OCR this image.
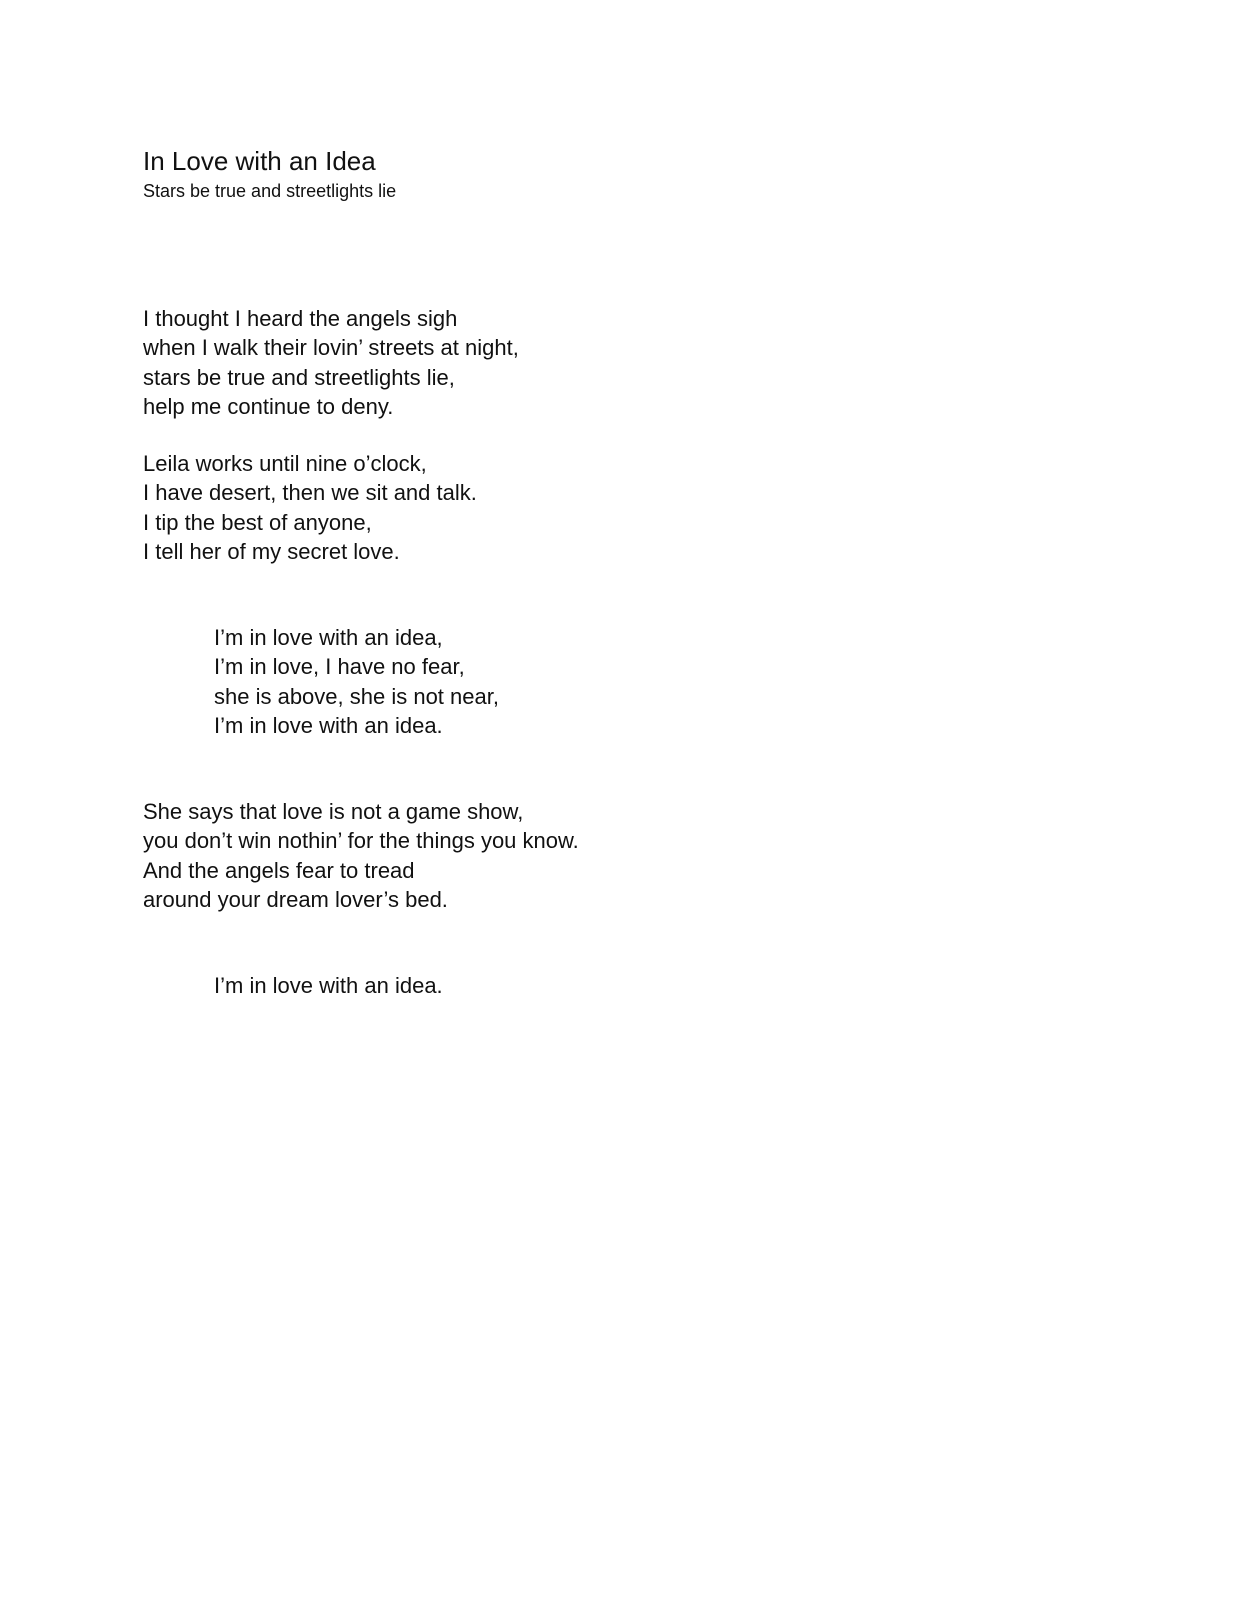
In Love with an Idea
Stars be true and streetlights lie
I thought I heard the angels sigh
when I walk their lovin’ streets at night,
stars be true and streetlights lie,
help me continue to deny.
Leila works until nine o’clock,
I have desert, then we sit and talk.
I tip the best of anyone,
I tell her of my secret love.
I’m in love with an idea,
I’m in love, I have no fear,
she is above, she is not near,
I’m in love with an idea.
She says that love is not a game show,
you don’t win nothin’ for the things you know.
And the angels fear to tread
around your dream lover’s bed.
I’m in love with an idea.
